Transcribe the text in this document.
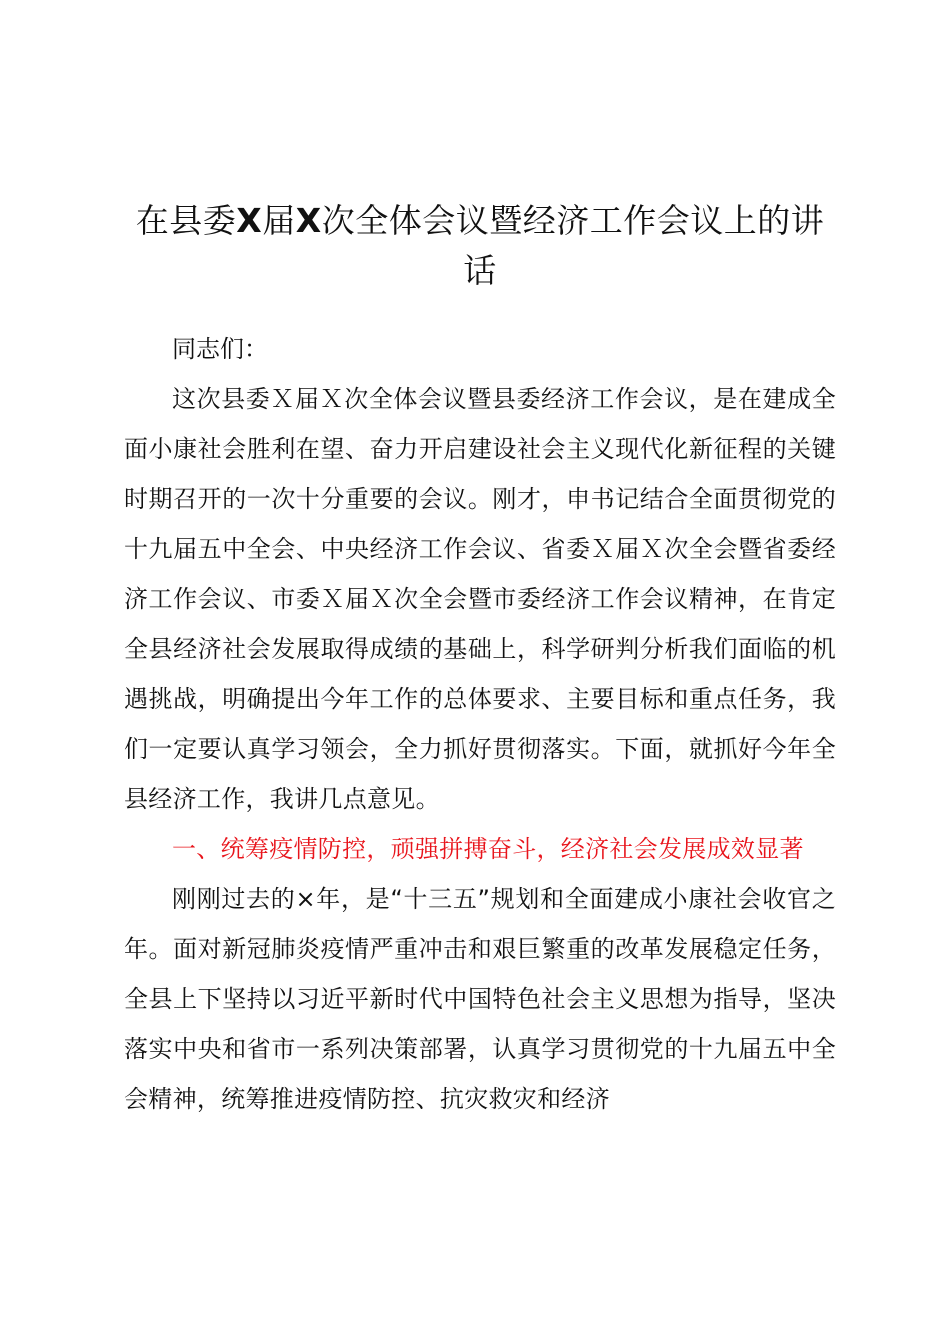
在县委X届X次全体会议暨经济工作会议上的讲话

同志们：

这次县委Ｘ届Ｘ次全体会议暨县委经济工作会议，是在建成全面小康社会胜利在望、奋力开启建设社会主义现代化新征程的关键时期召开的一次十分重要的会议。刚才，申书记结合全面贯彻党的十九届五中全会、中央经济工作会议、省委Ｘ届Ｘ次全会暨省委经济工作会议、市委Ｘ届Ｘ次全会暨市委经济工作会议精神，在肯定全县经济社会发展取得成绩的基础上，科学研判分析我们面临的机遇挑战，明确提出今年工作的总体要求、主要目标和重点任务，我们一定要认真学习领会，全力抓好贯彻落实。下面，就抓好今年全县经济工作，我讲几点意见。

一、统筹疫情防控，顽强拼搏奋斗，经济社会发展成效显著

刚刚过去的×年，是“十三五”规划和全面建成小康社会收官之年。面对新冠肺炎疫情严重冲击和艰巨繁重的改革发展稳定任务，全县上下坚持以习近平新时代中国特色社会主义思想为指导，坚决落实中央和省市一系列决策部署，认真学习贯彻党的十九届五中全会精神，统筹推进疫情防控、抗灾救灾和经济
